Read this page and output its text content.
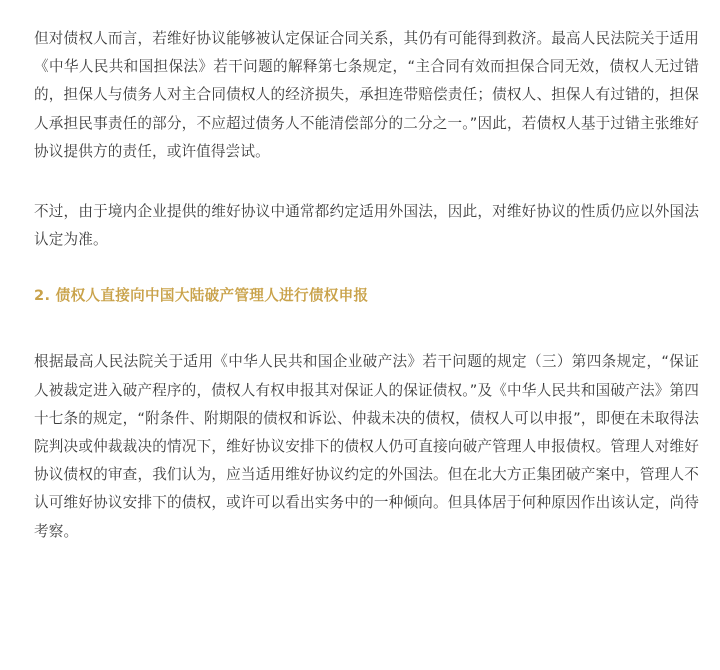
但对债权人而言，若维好协议能够被认定保证合同关系，其仍有可能得到救济。最高人民法院关于适用《中华人民共和国担保法》若干问题的解释第七条规定，“主合同有效而担保合同无效，债权人无过错的，担保人与债务人对主合同债权人的经济损失，承担连带赔偿责任；债权人、担保人有过错的，担保人承担民事责任的部分，不应超过债务人不能清偿部分的二分之一。”因此，若债权人基于过错主张维好协议提供方的责任，或许值得尝试。

不过，由于境内企业提供的维好协议中通常都约定适用外国法，因此，对维好协议的性质仍应以外国法认定为准。

2. 债权人直接向中国大陆破产管理人进行债权申报

根据最高人民法院关于适用《中华人民共和国企业破产法》若干问题的规定（三）第四条规定，“保证人被裁定进入破产程序的，债权人有权申报其对保证人的保证债权。”及《中华人民共和国破产法》第四十七条的规定，“附条件、附期限的债权和诉讼、仲裁未决的债权，债权人可以申报”，即便在未取得法院判决或仲裁裁决的情况下，维好协议安排下的债权人仍可直接向破产管理人申报债权。管理人对维好协议债权的审查，我们认为，应当适用维好协议约定的外国法。但在北大方正集团破产案中，管理人不认可维好协议安排下的债权，或许可以看出实务中的一种倾向。但具体居于何种原因作出该认定，尚待考察。
